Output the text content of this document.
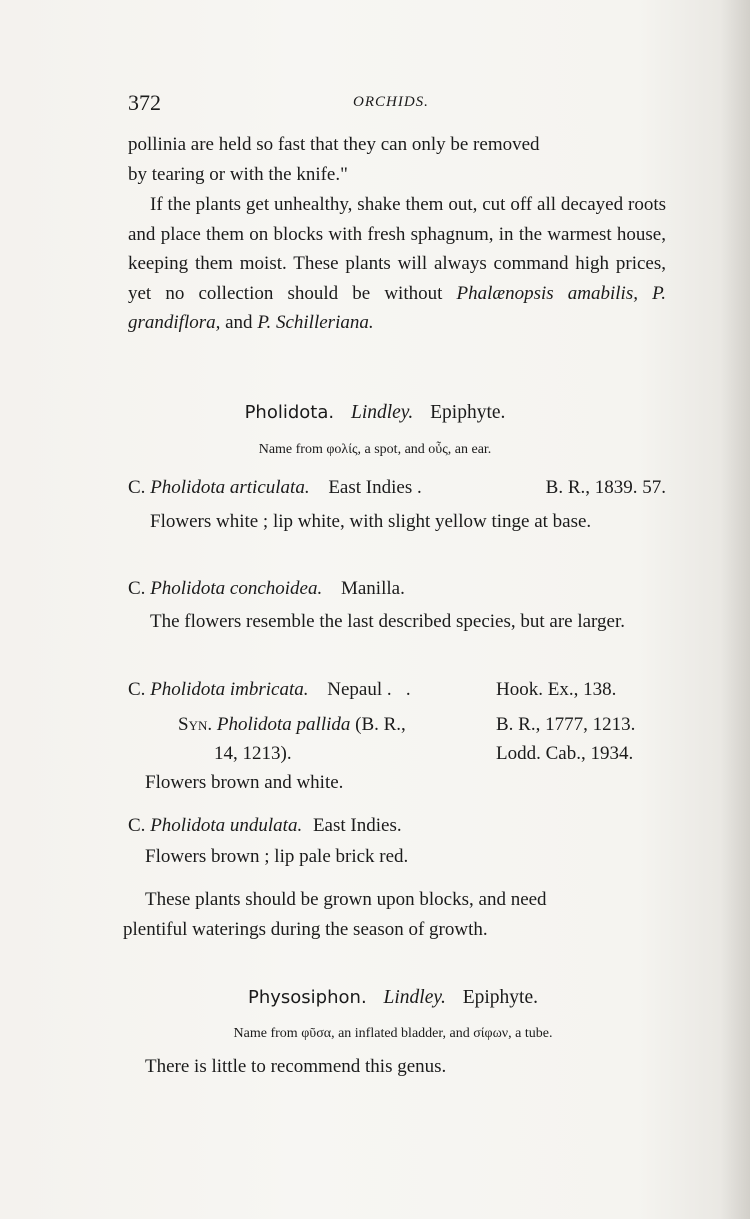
372	ORCHIDS.

pollinia are held so fast that they can only be removed

by tearing or with the knife."

If the plants get unhealthy, shake them out, cut off all decayed roots and place them on blocks with fresh sphagnum, in the warmest house, keeping them moist. These plants will always command high prices, yet no collection should be without Phalænopsis amabilis, P. grandiflora, and P. Schilleriana.
Pholidota. Lindley. Epiphyte.
Name from φολίς, a spot, and οὖς, an ear.
C. Pholidota articulata. East Indies .	B. R., 1839. 57.
Flowers white ; lip white, with slight yellow tinge at base.
C. Pholidota conchoidea. Manilla.
The flowers resemble the last described species, but are larger.
C. Pholidota imbricata. Nepaul .   .	Hook. Ex., 138.
Syn. Pholidota pallida (B. R.,	B. R., 1777, 1213.
14, 1213).	Lodd. Cab., 1934.
Flowers brown and white.
C. Pholidota undulata. East Indies.
Flowers brown ; lip pale brick red.

These plants should be grown upon blocks, and need

plentiful waterings during the season of growth.

Physosiphon. Lindley. Epiphyte.
Name from φῦσα, an inflated bladder, and σίφων, a tube.
There is little to recommend this genus.
